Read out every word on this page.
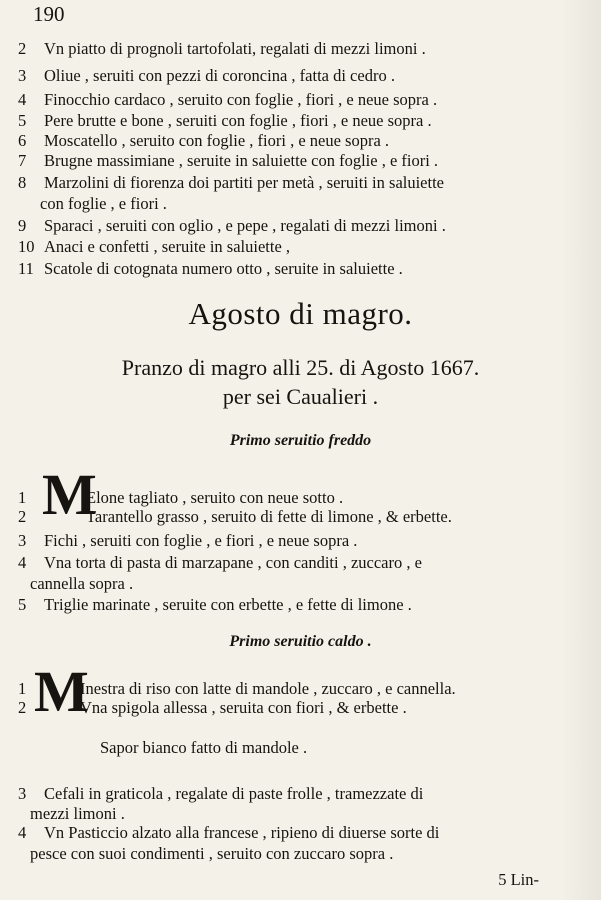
190
2 Vn piatto di prognoli tartofolati, regalati di mezzi limoni .
3 Oliue , seruiti con pezzi di coroncina , fatta di cedro .
4 Finocchio cardaco , seruito con foglie , fiori , e neue sopra .
5 Pere brutte e bone , seruiti con foglie , fiori , e neue sopra .
6 Moscatello , seruito con foglie , fiori , e neue sopra .
7 Brugne massimiane , seruite in saluiette con foglie , e fiori .
8 Marzolini di fiorenza doi partiti per metà , seruiti in saluiette
con foglie , e fiori .
9 Sparaci , seruiti con oglio , e pepe , regalati di mezzi limoni .
10 Anaci e confetti , seruite in saluiette ,
11 Scatole di cotognata numero otto , seruite in saluiette .
Agosto di magro.
Pranzo di magro alli 25. di Agosto 1667.
per sei Caualieri .
Primo seruitio freddo
1 M
Elone tagliato , seruito con neue sotto .
2	Tarantello grasso , seruito di fette di limone , & erbette.
3 Fichi , seruiti con foglie , e fiori , e neue sopra .
4 Vna torta di pasta di marzapane , con canditi , zuccaro , e
cannella sopra .
5 Triglie marinate , seruite con erbette , e fette di limone .
Primo seruitio caldo .
1 M
Inestra di riso con latte di mandole , zuccaro , e cannella.
2	Vna spigola allessa , seruita con fiori , & erbette .
Sapor bianco fatto di mandole .
3 Cefali in graticola , regalate di paste frolle , tramezzate di
mezzi limoni .
4 Vn Pasticcio alzato alla francese , ripieno di diuerse sorte di
pesce con suoi condimenti , seruito con zuccaro sopra .
5 Lin-
